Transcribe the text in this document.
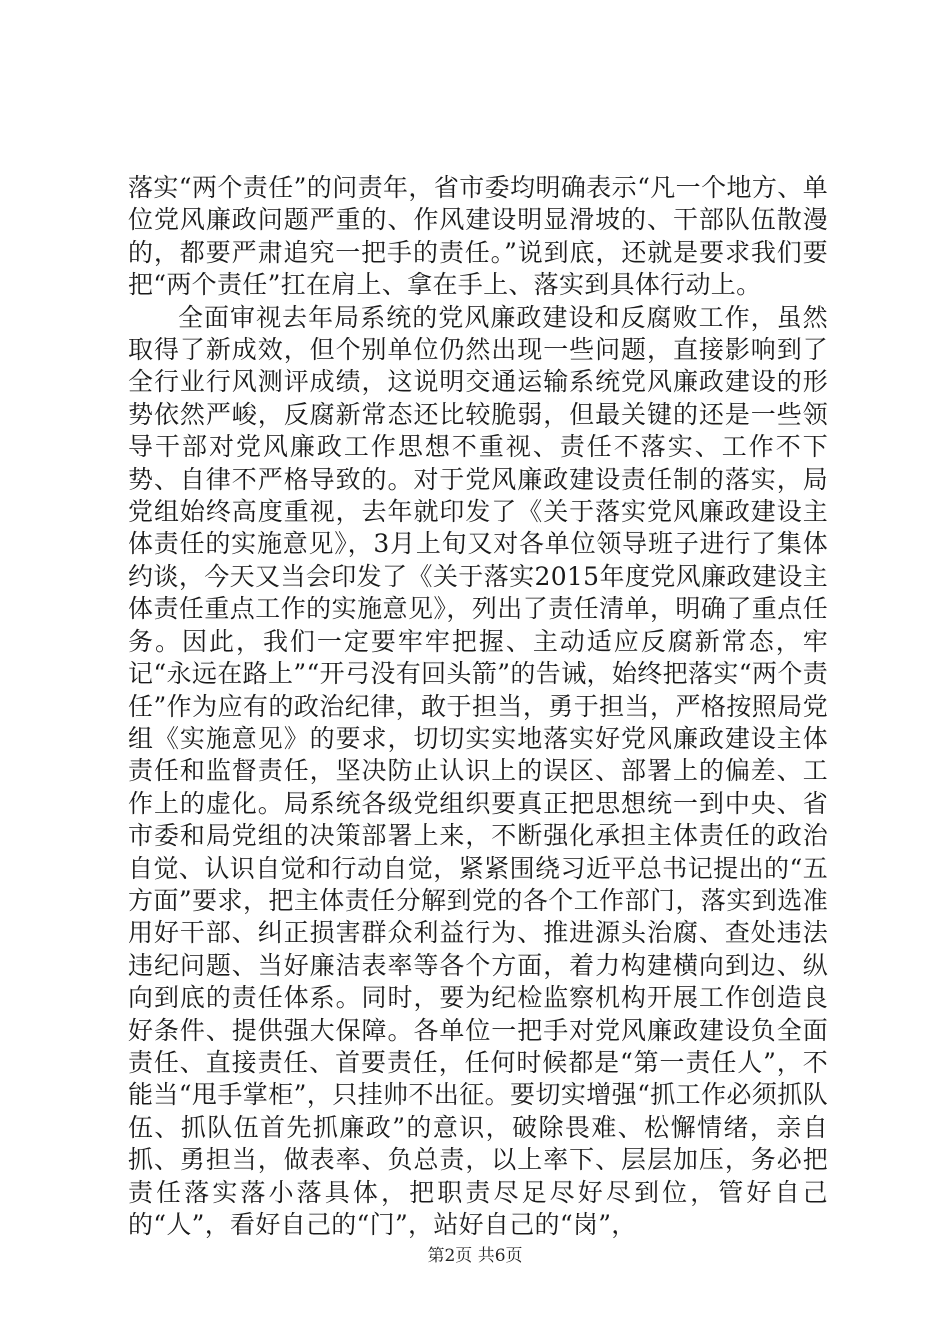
落实“两个责任”的问责年，省市委均明确表示“凡一个地方、单位党风廉政问题严重的、作风建设明显滑坡的、干部队伍散漫的，都要严肃追究一把手的责任。”说到底，还就是要求我们要把“两个责任”扛在肩上、拿在手上、落实到具体行动上。

全面审视去年局系统的党风廉政建设和反腐败工作，虽然取得了新成效，但个别单位仍然出现一些问题，直接影响到了全行业行风测评成绩，这说明交通运输系统党风廉政建设的形势依然严峻，反腐新常态还比较脆弱，但最关键的还是一些领导干部对党风廉政工作思想不重视、责任不落实、工作不下势、自律不严格导致的。对于党风廉政建设责任制的落实，局党组始终高度重视，去年就印发了《关于落实党风廉政建设主体责任的实施意见》，3月上旬又对各单位领导班子进行了集体约谈，今天又当会印发了《关于落实2015年度党风廉政建设主体责任重点工作的实施意见》，列出了责任清单，明确了重点任务。因此，我们一定要牢牢把握、主动适应反腐新常态，牢记“永远在路上”“开弓没有回头箭”的告诫，始终把落实“两个责任”作为应有的政治纪律，敢于担当，勇于担当，严格按照局党组《实施意见》的要求，切切实实地落实好党风廉政建设主体责任和监督责任，坚决防止认识上的误区、部署上的偏差、工作上的虚化。局系统各级党组织要真正把思想统一到中央、省市委和局党组的决策部署上来，不断强化承担主体责任的政治自觉、认识自觉和行动自觉，紧紧围绕习近平总书记提出的“五方面”要求，把主体责任分解到党的各个工作部门，落实到选准用好干部、纠正损害群众利益行为、推进源头治腐、查处违法违纪问题、当好廉洁表率等各个方面，着力构建横向到边、纵向到底的责任体系。同时，要为纪检监察机构开展工作创造良好条件、提供强大保障。各单位一把手对党风廉政建设负全面责任、直接责任、首要责任，任何时候都是“第一责任人”，不能当“甩手掌柜”，只挂帅不出征。要切实增强“抓工作必须抓队伍、抓队伍首先抓廉政”的意识，破除畏难、松懈情绪，亲自抓、勇担当，做表率、负总责，以上率下、层层加压，务必把责任落实落小落具体，把职责尽足尽好尽到位，管好自己的“人”，看好自己的“门”，站好自己的“岗”，

第2页 共6页
